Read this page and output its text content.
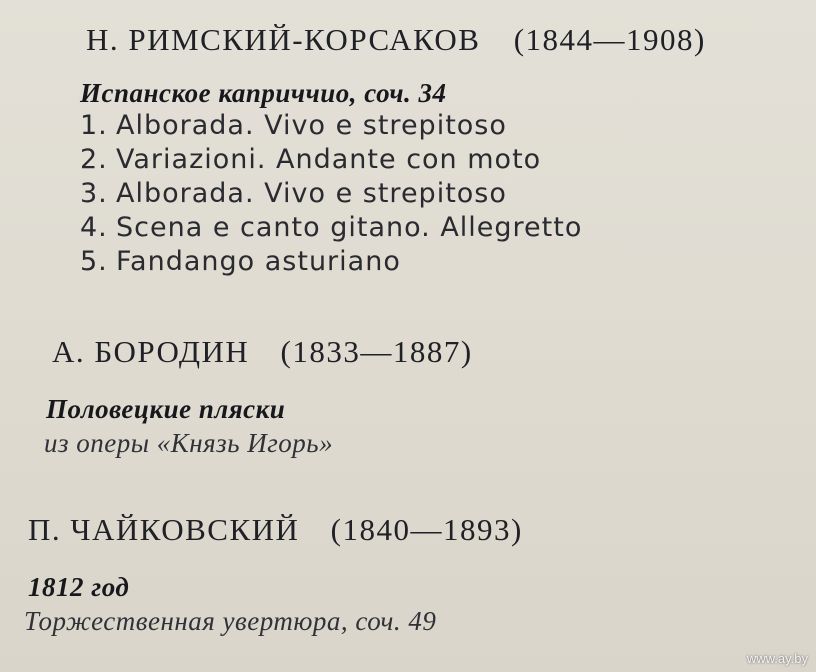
Н. РИМСКИЙ-КОРСАКОВ (1844—1908)
Испанское каприччио, соч. 34
1. Alborada. Vivo e strepitoso
2. Variazioni. Andante con moto
3. Alborada. Vivo e strepitoso
4. Scena e canto gitano. Allegretto
5. Fandango asturiano
А. БОРОДИН (1833—1887)
Половецкие пляски
из оперы «Князь Игорь»
П. ЧАЙКОВСКИЙ (1840—1893)
1812 год
Торжественная увертюра, соч. 49
www.ay.by
